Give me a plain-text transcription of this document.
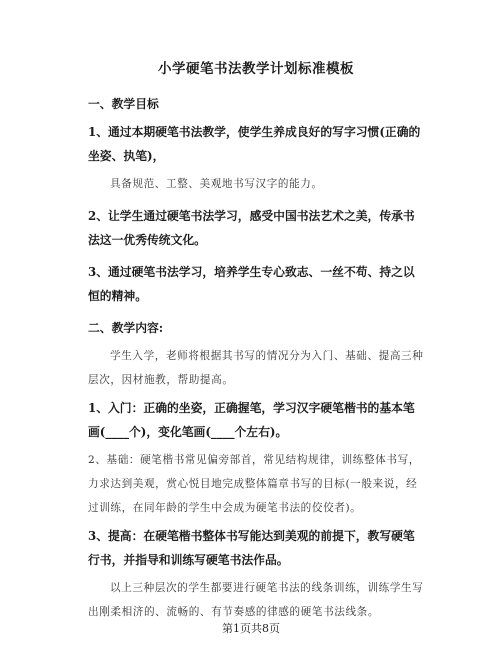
小学硬笔书法教学计划标准模板

一、教学目标

1、通过本期硬笔书法教学，使学生养成良好的写字习惯(正确的坐姿、执笔)，

具备规范、工整、美观地书写汉字的能力。

2、让学生通过硬笔书法学习，感受中国书法艺术之美，传承书法这一优秀传统文化。

3、通过硬笔书法学习，培养学生专心致志、一丝不苟、持之以恒的精神。

二、教学内容:

学生入学，老师将根据其书写的情况分为入门、基础、提高三种层次，因材施教，帮助提高。

1、入门：正确的坐姿，正确握笔，学习汉字硬笔楷书的基本笔画(____个)，变化笔画(____个左右)。

2、基础：硬笔楷书常见偏旁部首，常见结构规律，训练整体书写，力求达到美观，赏心悦目地完成整体篇章书写的目标(一般来说，经过训练，在同年龄的学生中会成为硬笔书法的佼佼者)。

3、提高：在硬笔楷书整体书写能达到美观的前提下，教写硬笔行书，并指导和训练写硬笔书法作品。

以上三种层次的学生都要进行硬笔书法的线条训练，训练学生写出刚柔相济的、流畅的、有节奏感的律感的硬笔书法线条。

第1页共8页
